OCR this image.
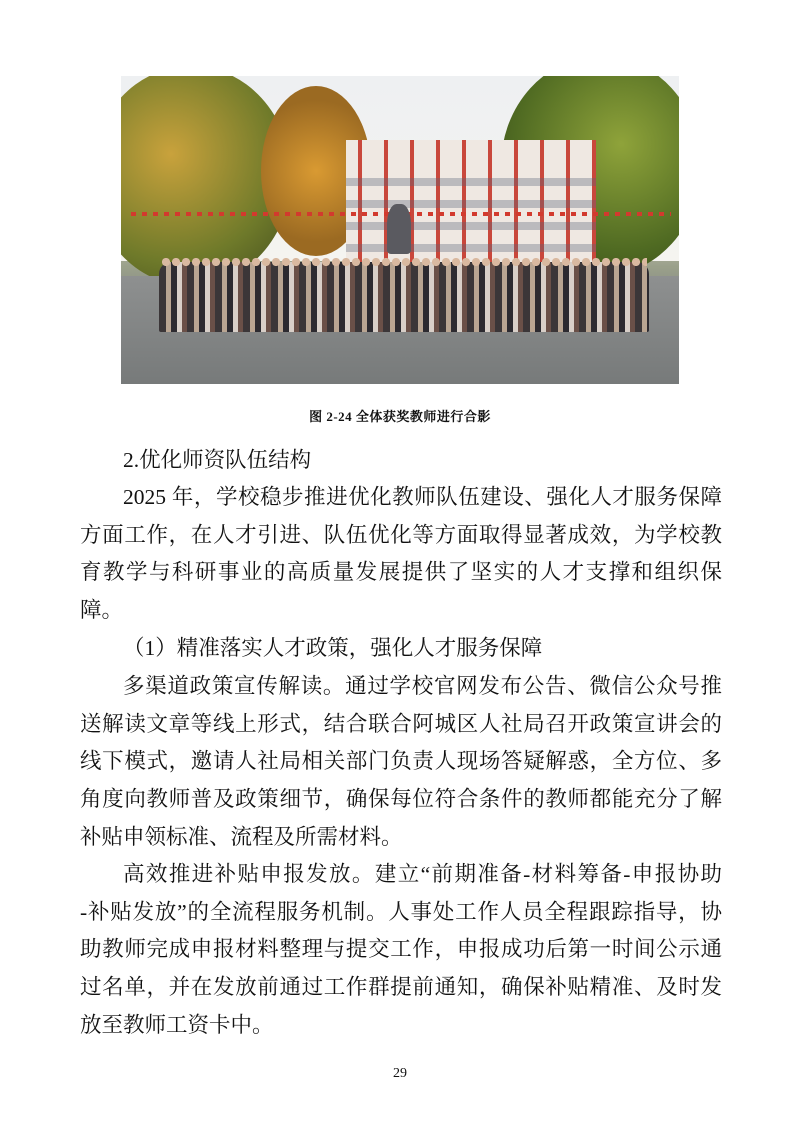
图 2-24 全体获奖教师进行合影
2.优化师资队伍结构
2025 年，学校稳步推进优化教师队伍建设、强化人才服务保障
方面工作，在人才引进、队伍优化等方面取得显著成效，为学校教
育教学与科研事业的高质量发展提供了坚实的人才支撑和组织保
障。
（1）精准落实人才政策，强化人才服务保障
多渠道政策宣传解读。通过学校官网发布公告、微信公众号推
送解读文章等线上形式，结合联合阿城区人社局召开政策宣讲会的
线下模式，邀请人社局相关部门负责人现场答疑解惑，全方位、多
角度向教师普及政策细节，确保每位符合条件的教师都能充分了解
补贴申领标准、流程及所需材料。
高效推进补贴申报发放。建立“前期准备-材料筹备-申报协助
-补贴发放”的全流程服务机制。人事处工作人员全程跟踪指导，协
助教师完成申报材料整理与提交工作，申报成功后第一时间公示通
过名单，并在发放前通过工作群提前通知，确保补贴精准、及时发
放至教师工资卡中。
29
